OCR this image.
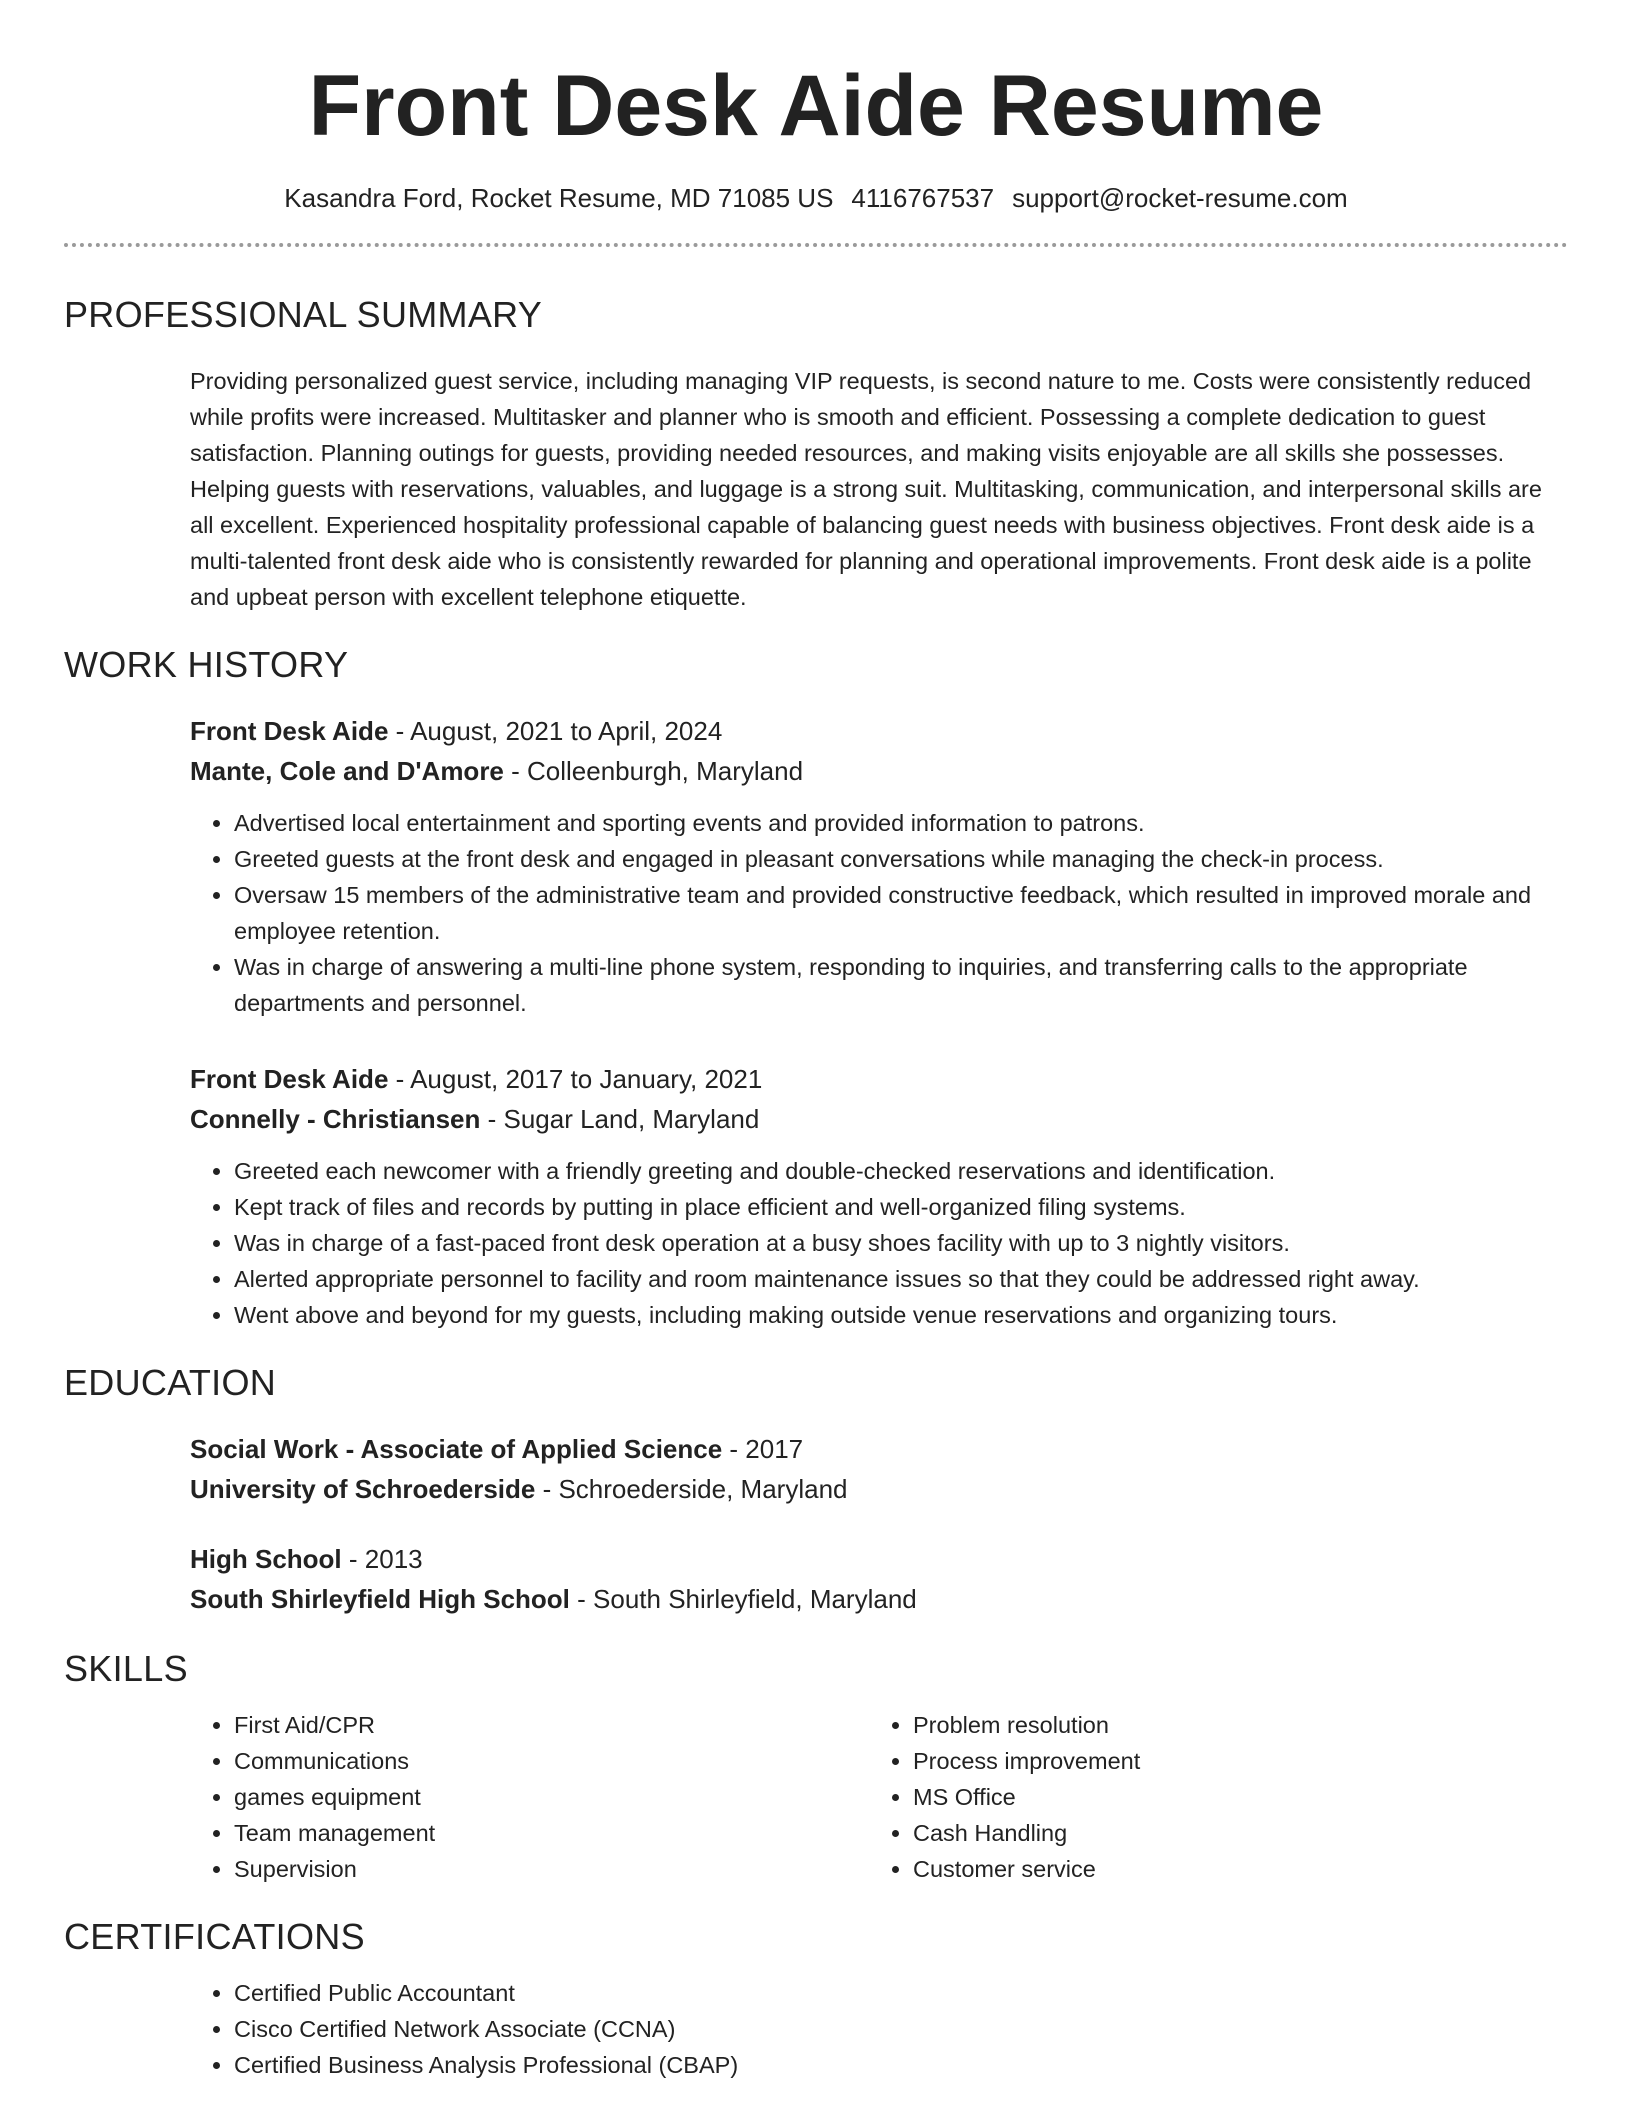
Front Desk Aide Resume
Kasandra Ford, Rocket Resume, MD 71085 US 4116767537 support@rocket-resume.com
PROFESSIONAL SUMMARY

Providing personalized guest service, including managing VIP requests, is second nature to me. Costs were consistently reduced while profits were increased. Multitasker and planner who is smooth and efficient. Possessing a complete dedication to guest satisfaction. Planning outings for guests, providing needed resources, and making visits enjoyable are all skills she possesses. Helping guests with reservations, valuables, and luggage is a strong suit. Multitasking, communication, and interpersonal skills are all excellent. Experienced hospitality professional capable of balancing guest needs with business objectives. Front desk aide is a multi-talented front desk aide who is consistently rewarded for planning and operational improvements. Front desk aide is a polite and upbeat person with excellent telephone etiquette.

WORK HISTORY
Front Desk Aide - August, 2021 to April, 2024
Mante, Cole and D'Amore - Colleenburgh, Maryland
• Advertised local entertainment and sporting events and provided information to patrons.
• Greeted guests at the front desk and engaged in pleasant conversations while managing the check-in process.
• Oversaw 15 members of the administrative team and provided constructive feedback, which resulted in improved morale and employee retention.
• Was in charge of answering a multi-line phone system, responding to inquiries, and transferring calls to the appropriate departments and personnel.
Front Desk Aide - August, 2017 to January, 2021
Connelly - Christiansen - Sugar Land, Maryland
• Greeted each newcomer with a friendly greeting and double-checked reservations and identification.
• Kept track of files and records by putting in place efficient and well-organized filing systems.
• Was in charge of a fast-paced front desk operation at a busy shoes facility with up to 3 nightly visitors.
• Alerted appropriate personnel to facility and room maintenance issues so that they could be addressed right away.
• Went above and beyond for my guests, including making outside venue reservations and organizing tours.
EDUCATION
Social Work - Associate of Applied Science - 2017
University of Schroederside - Schroederside, Maryland
High School - 2013
South Shirleyfield High School - South Shirleyfield, Maryland
SKILLS
• First Aid/CPR
• Communications
• games equipment
• Team management
• Supervision
• Problem resolution
• Process improvement
• MS Office
• Cash Handling
• Customer service
CERTIFICATIONS
• Certified Public Accountant
• Cisco Certified Network Associate (CCNA)
• Certified Business Analysis Professional (CBAP)
